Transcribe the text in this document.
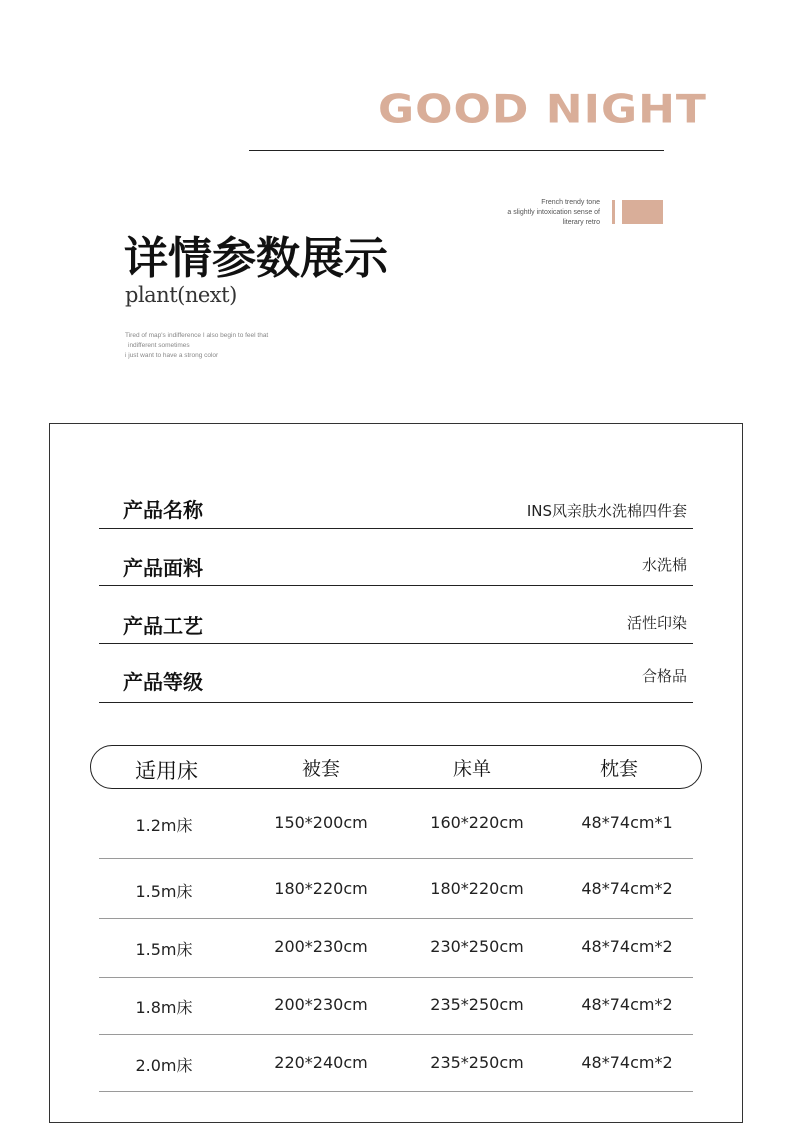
GOOD NIGHT
French trendy tone
a slightly intoxication sense of
literary retro
详情参数展示
plant(next)
Tired of map's indifference I also begin to feel that
indifferent sometimes
i just want to have a strong color
产品名称	INS风亲肤水洗棉四件套
产品面料	水洗棉
产品工艺	活性印染
产品等级	合格品
适用床	被套	床单	枕套
1.2m床	150*200cm	160*220cm	48*74cm*1
1.5m床	180*220cm	180*220cm	48*74cm*2
1.5m床	200*230cm	230*250cm	48*74cm*2
1.8m床	200*230cm	235*250cm	48*74cm*2
2.0m床	220*240cm	235*250cm	48*74cm*2
